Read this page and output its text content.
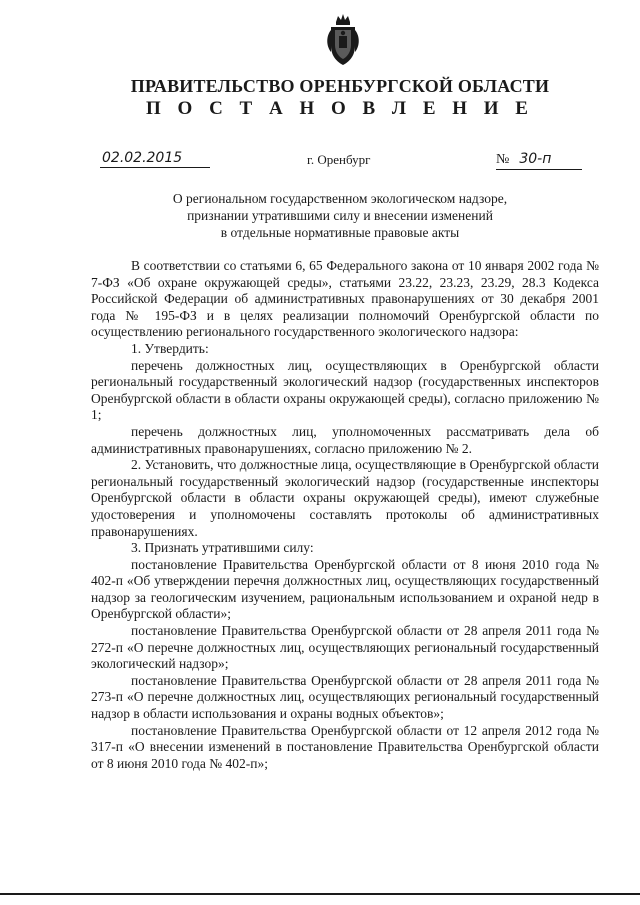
ПРАВИТЕЛЬСТВО ОРЕНБУРГСКОЙ ОБЛАСТИ
П О С Т А Н О В Л Е Н И Е
02.02.2015	г. Оренбург	№ 30-п
О региональном государственном экологическом надзоре,
признании утратившими силу и внесении изменений
в отдельные нормативные правовые акты

В соответствии со статьями 6, 65 Федерального закона от 10 января 2002 года № 7-ФЗ «Об охране окружающей среды», статьями 23.22, 23.23, 23.29, 28.3 Кодекса Российской Федерации об административных правонарушениях от 30 декабря 2001 года № 195-ФЗ и в целях реализации полномочий Оренбургской области по осуществлению регионального государственного экологического надзора:

1. Утвердить:

перечень должностных лиц, осуществляющих в Оренбургской области региональный государственный экологический надзор (государственных инспекторов Оренбургской области в области охраны окружающей среды), согласно приложению № 1;

перечень должностных лиц, уполномоченных рассматривать дела об административных правонарушениях, согласно приложению № 2.

2. Установить, что должностные лица, осуществляющие в Оренбургской области региональный государственный экологический надзор (государственные инспекторы Оренбургской области в области охраны окружающей среды), имеют служебные удостоверения и уполномочены составлять протоколы об административных правонарушениях.

3. Признать утратившими силу:

постановление Правительства Оренбургской области от 8 июня 2010 года № 402-п «Об утверждении перечня должностных лиц, осуществляющих государственный надзор за геологическим изучением, рациональным использованием и охраной недр в Оренбургской области»;

постановление Правительства Оренбургской области от 28 апреля 2011 года № 272-п «О перечне должностных лиц, осуществляющих региональный государственный экологический надзор»;

постановление Правительства Оренбургской области от 28 апреля 2011 года № 273-п «О перечне должностных лиц, осуществляющих региональный государственный надзор в области использования и охраны водных объектов»;

постановление Правительства Оренбургской области от 12 апреля 2012 года № 317-п «О внесении изменений в постановление Правительства Оренбургской области от 8 июня 2010 года № 402-п»;
